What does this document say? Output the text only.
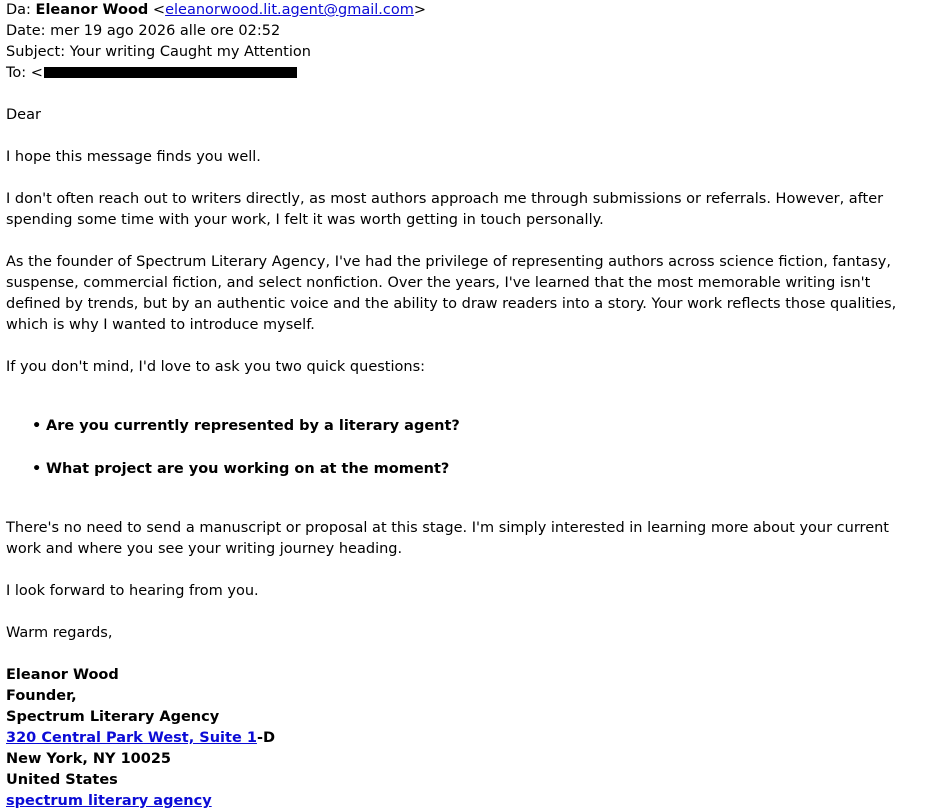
Da: Eleanor Wood <eleanorwood.lit.agent@gmail.com>
Date: mer 19 ago 2026 alle ore 02:52
Subject: Your writing Caught my Attention
To: <

Dear

I hope this message finds you well.

I don't often reach out to writers directly, as most authors approach me through submissions or referrals. However, after spending some time with your work, I felt it was worth getting in touch personally.

As the founder of Spectrum Literary Agency, I've had the privilege of representing authors across science fiction, fantasy, suspense, commercial fiction, and select nonfiction. Over the years, I've learned that the most memorable writing isn't defined by trends, but by an authentic voice and the ability to draw readers into a story. Your work reflects those qualities, which is why I wanted to introduce myself.

If you don't mind, I'd love to ask you two quick questions:

• Are you currently represented by a literary agent?
• What project are you working on at the moment?

There's no need to send a manuscript or proposal at this stage. I'm simply interested in learning more about your current work and where you see your writing journey heading.

I look forward to hearing from you.

Warm regards,

Eleanor Wood
Founder,
Spectrum Literary Agency
320 Central Park West, Suite 1-D
New York, NY 10025
United States
spectrum literary agency
